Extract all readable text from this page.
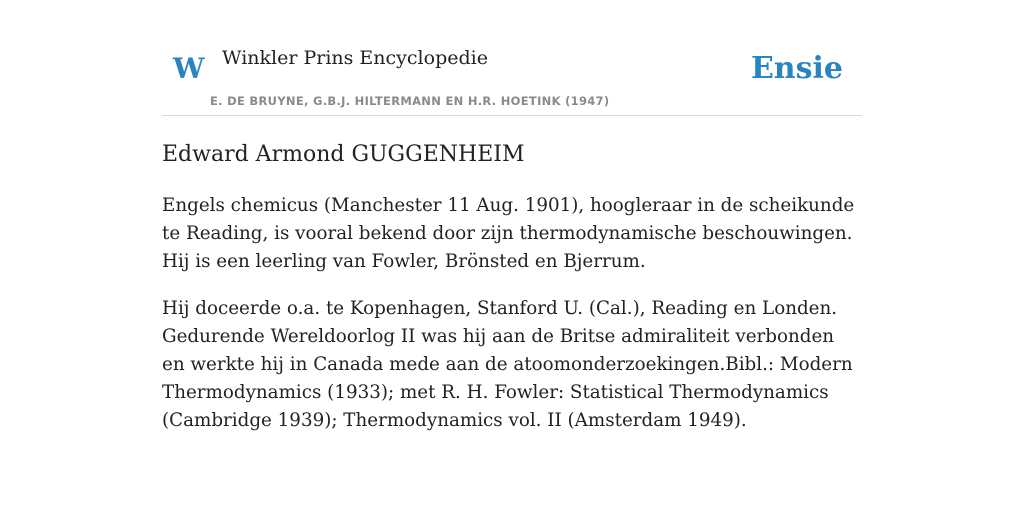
W Winkler Prins Encyclopedie
E. DE BRUYNE, G.B.J. HILTERMANN EN H.R. HOETINK (1947)
Ensie
Edward Armond GUGGENHEIM

Engels chemicus (Manchester 11 Aug. 1901), hoogleraar in de scheikunde te Reading, is vooral bekend door zijn thermodynamische beschouwingen. Hij is een leerling van Fowler, Brönsted en Bjerrum.

Hij doceerde o.a. te Kopenhagen, Stanford U. (Cal.), Reading en Londen. Gedurende Wereldoorlog II was hij aan de Britse admiraliteit verbonden en werkte hij in Canada mede aan de atoomonderzoekingen.Bibl.: Modern Thermodynamics (1933); met R. H. Fowler: Statistical Thermodynamics (Cambridge 1939); Thermodynamics vol. II (Amsterdam 1949).
